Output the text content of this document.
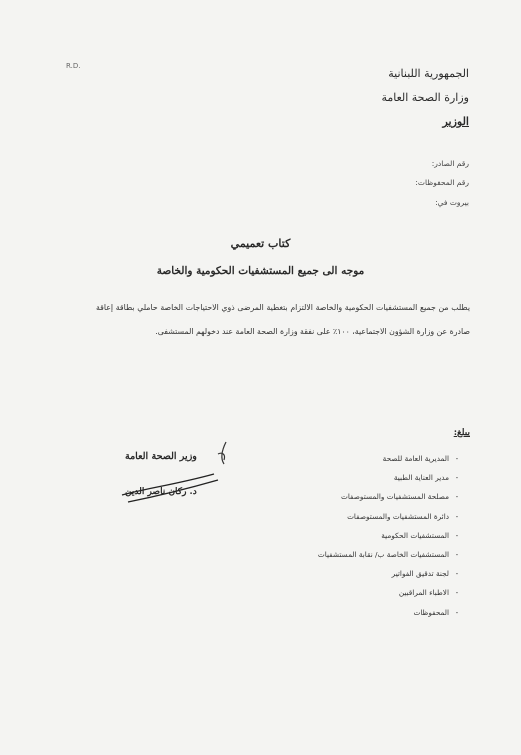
R.D.
الجمهورية اللبنانية
وزارة الصحة العامة
الوزير
رقم الصادر:
رقم المحفوظات:
بيروت في:
كتاب تعميمي
موجه الى جميع المستشفيات الحكومية والخاصة
يطلب من جميع المستشفيات الحكومية والخاصة الالتزام بتغطية المرضى ذوي الاحتياجات الخاصة حاملي بطاقة إعاقة صادرة عن وزارة الشؤون الاجتماعية، ١٠٠٪ على نفقة وزارة الصحة العامة عند دخولهم المستشفى.
يبلغ:
-المديرية العامة للصحة
-مدير العناية الطبية
-مصلحة المستشفيات والمستوصفات
-دائرة المستشفيات والمستوصفات
-المستشفيات الحكومية
-المستشفيات الخاصة ب/ نقابة المستشفيات
-لجنة تدقيق الفواتير
-الاطباء المراقبين
-المحفوظات
وزير الصحة العامة
د. ركان ناصر الدين
